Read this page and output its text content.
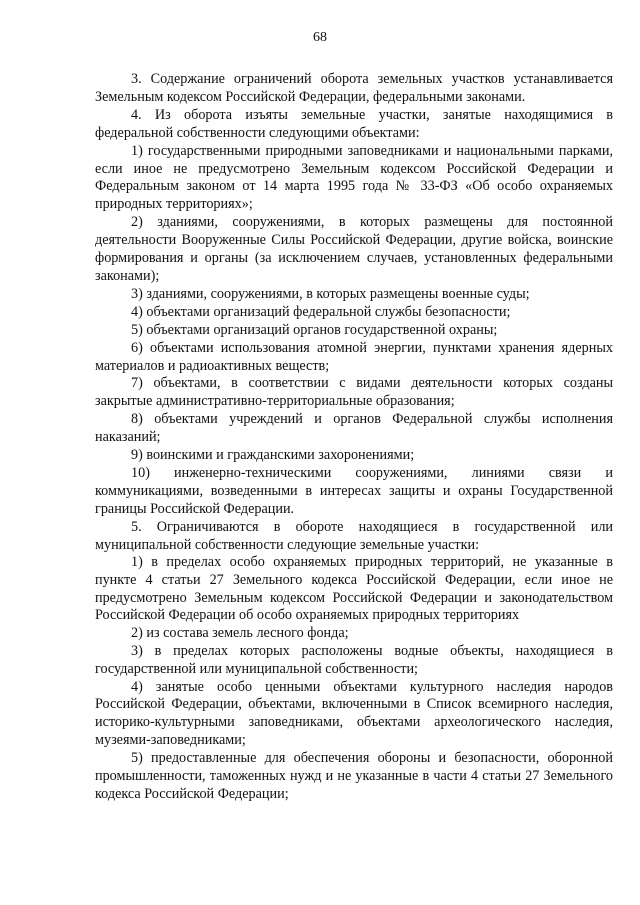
68

3. Содержание ограничений оборота земельных участков устанавливается Земельным кодексом Российской Федерации, федеральными законами.

4. Из оборота изъяты земельные участки, занятые находящимися в федеральной собственности следующими объектами:

1) государственными природными заповедниками и национальными парками, если иное не предусмотрено Земельным кодексом Российской Федерации и Федеральным законом от 14 марта 1995 года № 33-ФЗ «Об особо охраняемых природных территориях»;

2) зданиями, сооружениями, в которых размещены для постоянной деятельности Вооруженные Силы Российской Федерации, другие войска, воинские формирования и органы (за исключением случаев, установленных федеральными законами);

3) зданиями, сооружениями, в которых размещены военные суды;

4) объектами организаций федеральной службы безопасности;

5) объектами организаций органов государственной охраны;

6) объектами использования атомной энергии, пунктами хранения ядерных материалов и радиоактивных веществ;

7) объектами, в соответствии с видами деятельности которых созданы закрытые административно-территориальные образования;

8) объектами учреждений и органов Федеральной службы исполнения наказаний;

9) воинскими и гражданскими захоронениями;

10) инженерно-техническими сооружениями, линиями связи и коммуникациями, возведенными в интересах защиты и охраны Государственной границы Российской Федерации.

5. Ограничиваются в обороте находящиеся в государственной или муниципальной собственности следующие земельные участки:

1) в пределах особо охраняемых природных территорий, не указанные в пункте 4 статьи 27 Земельного кодекса Российской Федерации, если иное не предусмотрено Земельным кодексом Российской Федерации и законодательством Российской Федерации об особо охраняемых природных территориях

2) из состава земель лесного фонда;

3) в пределах которых расположены водные объекты, находящиеся в государственной или муниципальной собственности;

4) занятые особо ценными объектами культурного наследия народов Российской Федерации, объектами, включенными в Список всемирного наследия, историко-культурными заповедниками, объектами археологического наследия, музеями-заповедниками;

5) предоставленные для обеспечения обороны и безопасности, оборонной промышленности, таможенных нужд и не указанные в части 4 статьи 27 Земельного кодекса Российской Федерации;
